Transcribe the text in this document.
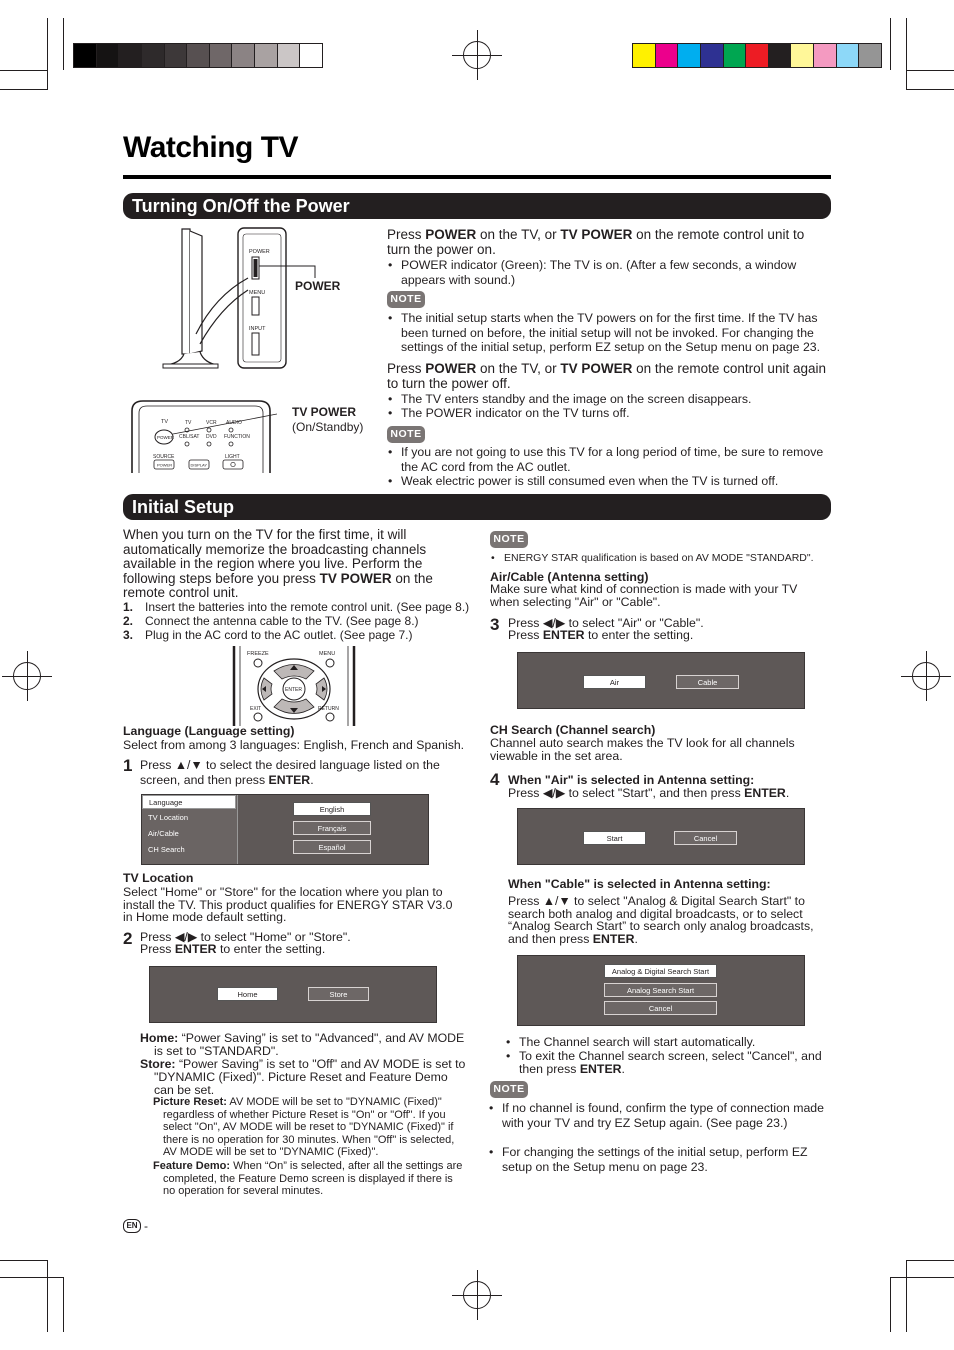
Watching TV
Turning On/Off the Power
POWER
MENU
INPUT
POWER
TV	TV	VCR AUDIO
CBL/SAT DVD FUNCTION
POWER
SOURCE	LIGHT
POWER	DISPLAY
TV POWER
(On/Standby)
Press POWER on the TV, or TV POWER on the remote control unit to turn the power on.
• POWER indicator (Green): The TV is on. (After a few seconds, a window appears with sound.)
NOTE
• The initial setup starts when the TV powers on for the first time. If the TV has been turned on before, the initial setup will not be invoked. For changing the settings of the initial setup, perform EZ setup on the Setup menu on page 23.
Press POWER on the TV, or TV POWER on the remote control unit again to turn the power off.
• The TV enters standby and the image on the screen disappears.
• The POWER indicator on the TV turns off.
NOTE
• If you are not going to use this TV for a long period of time, be sure to remove the AC cord from the AC outlet.
• Weak electric power is still consumed even when the TV is turned off.
Initial Setup
When you turn on the TV for the first time, it will automatically memorize the broadcasting channels available in the region where you live. Perform the following steps before you press TV POWER on the remote control unit.
1. Insert the batteries into the remote control unit. (See page 8.)
2. Connect the antenna cable to the TV. (See page 8.)
3. Plug in the AC cord to the AC outlet. (See page 7.)
FREEZE	MENU
ENTER
EXIT	RETURN
Language (Language setting)
Select from among 3 languages: English, French and Spanish.
1 Press ▲/▼ to select the desired language listed on the screen, and then press ENTER.
Language
TV Location
Air/Cable
CH Search
English
Français
Español
TV Location
Select "Home" or "Store" for the location where you plan to install the TV. This product qualifies for ENERGY STAR V3.0 in Home mode default setting.
2 Press ◀/▶ to select "Home" or "Store".
Press ENTER to enter the setting.
Home	Store
Home: “Power Saving” is set to "Advanced", and AV MODE is set to "STANDARD".
Store: “Power Saving” is set to "Off" and AV MODE is set to "DYNAMIC (Fixed)". Picture Reset and Feature Demo can be set.
Picture Reset: AV MODE will be set to "DYNAMIC (Fixed)" regardless of whether Picture Reset is "On" or "Off". If you select "On", AV MODE will be reset to "DYNAMIC (Fixed)" if there is no operation for 30 minutes. When "Off" is selected, AV MODE will be set to "DYNAMIC (Fixed)".
Feature Demo: When “On” is selected, after all the settings are completed, the Feature Demo screen is displayed if there is no operation for several minutes.
NOTE
• ENERGY STAR qualification is based on AV MODE "STANDARD".
Air/Cable (Antenna setting)
Make sure what kind of connection is made with your TV when selecting "Air" or "Cable".
3 Press ◀/▶ to select "Air" or "Cable".
Press ENTER to enter the setting.
Air	Cable
CH Search (Channel search)
Channel auto search makes the TV look for all channels viewable in the set area.
4 When "Air" is selected in Antenna setting:
Press ◀/▶ to select "Start", and then press ENTER.
Start	Cancel
When "Cable" is selected in Antenna setting:
Press ▲/▼ to select "Analog & Digital Search Start" to search both analog and digital broadcasts, or to select “Analog Search Start” to search only analog broadcasts, and then press ENTER.
Analog & Digital Search Start
Analog Search Start
Cancel
• The Channel search will start automatically.
• To exit the Channel search screen, select "Cancel", and then press ENTER.
NOTE
• If no channel is found, confirm the type of connection made with your TV and try EZ Setup again. (See page 23.)
• For changing the settings of the initial setup, perform EZ setup on the Setup menu on page 23.
EN -
